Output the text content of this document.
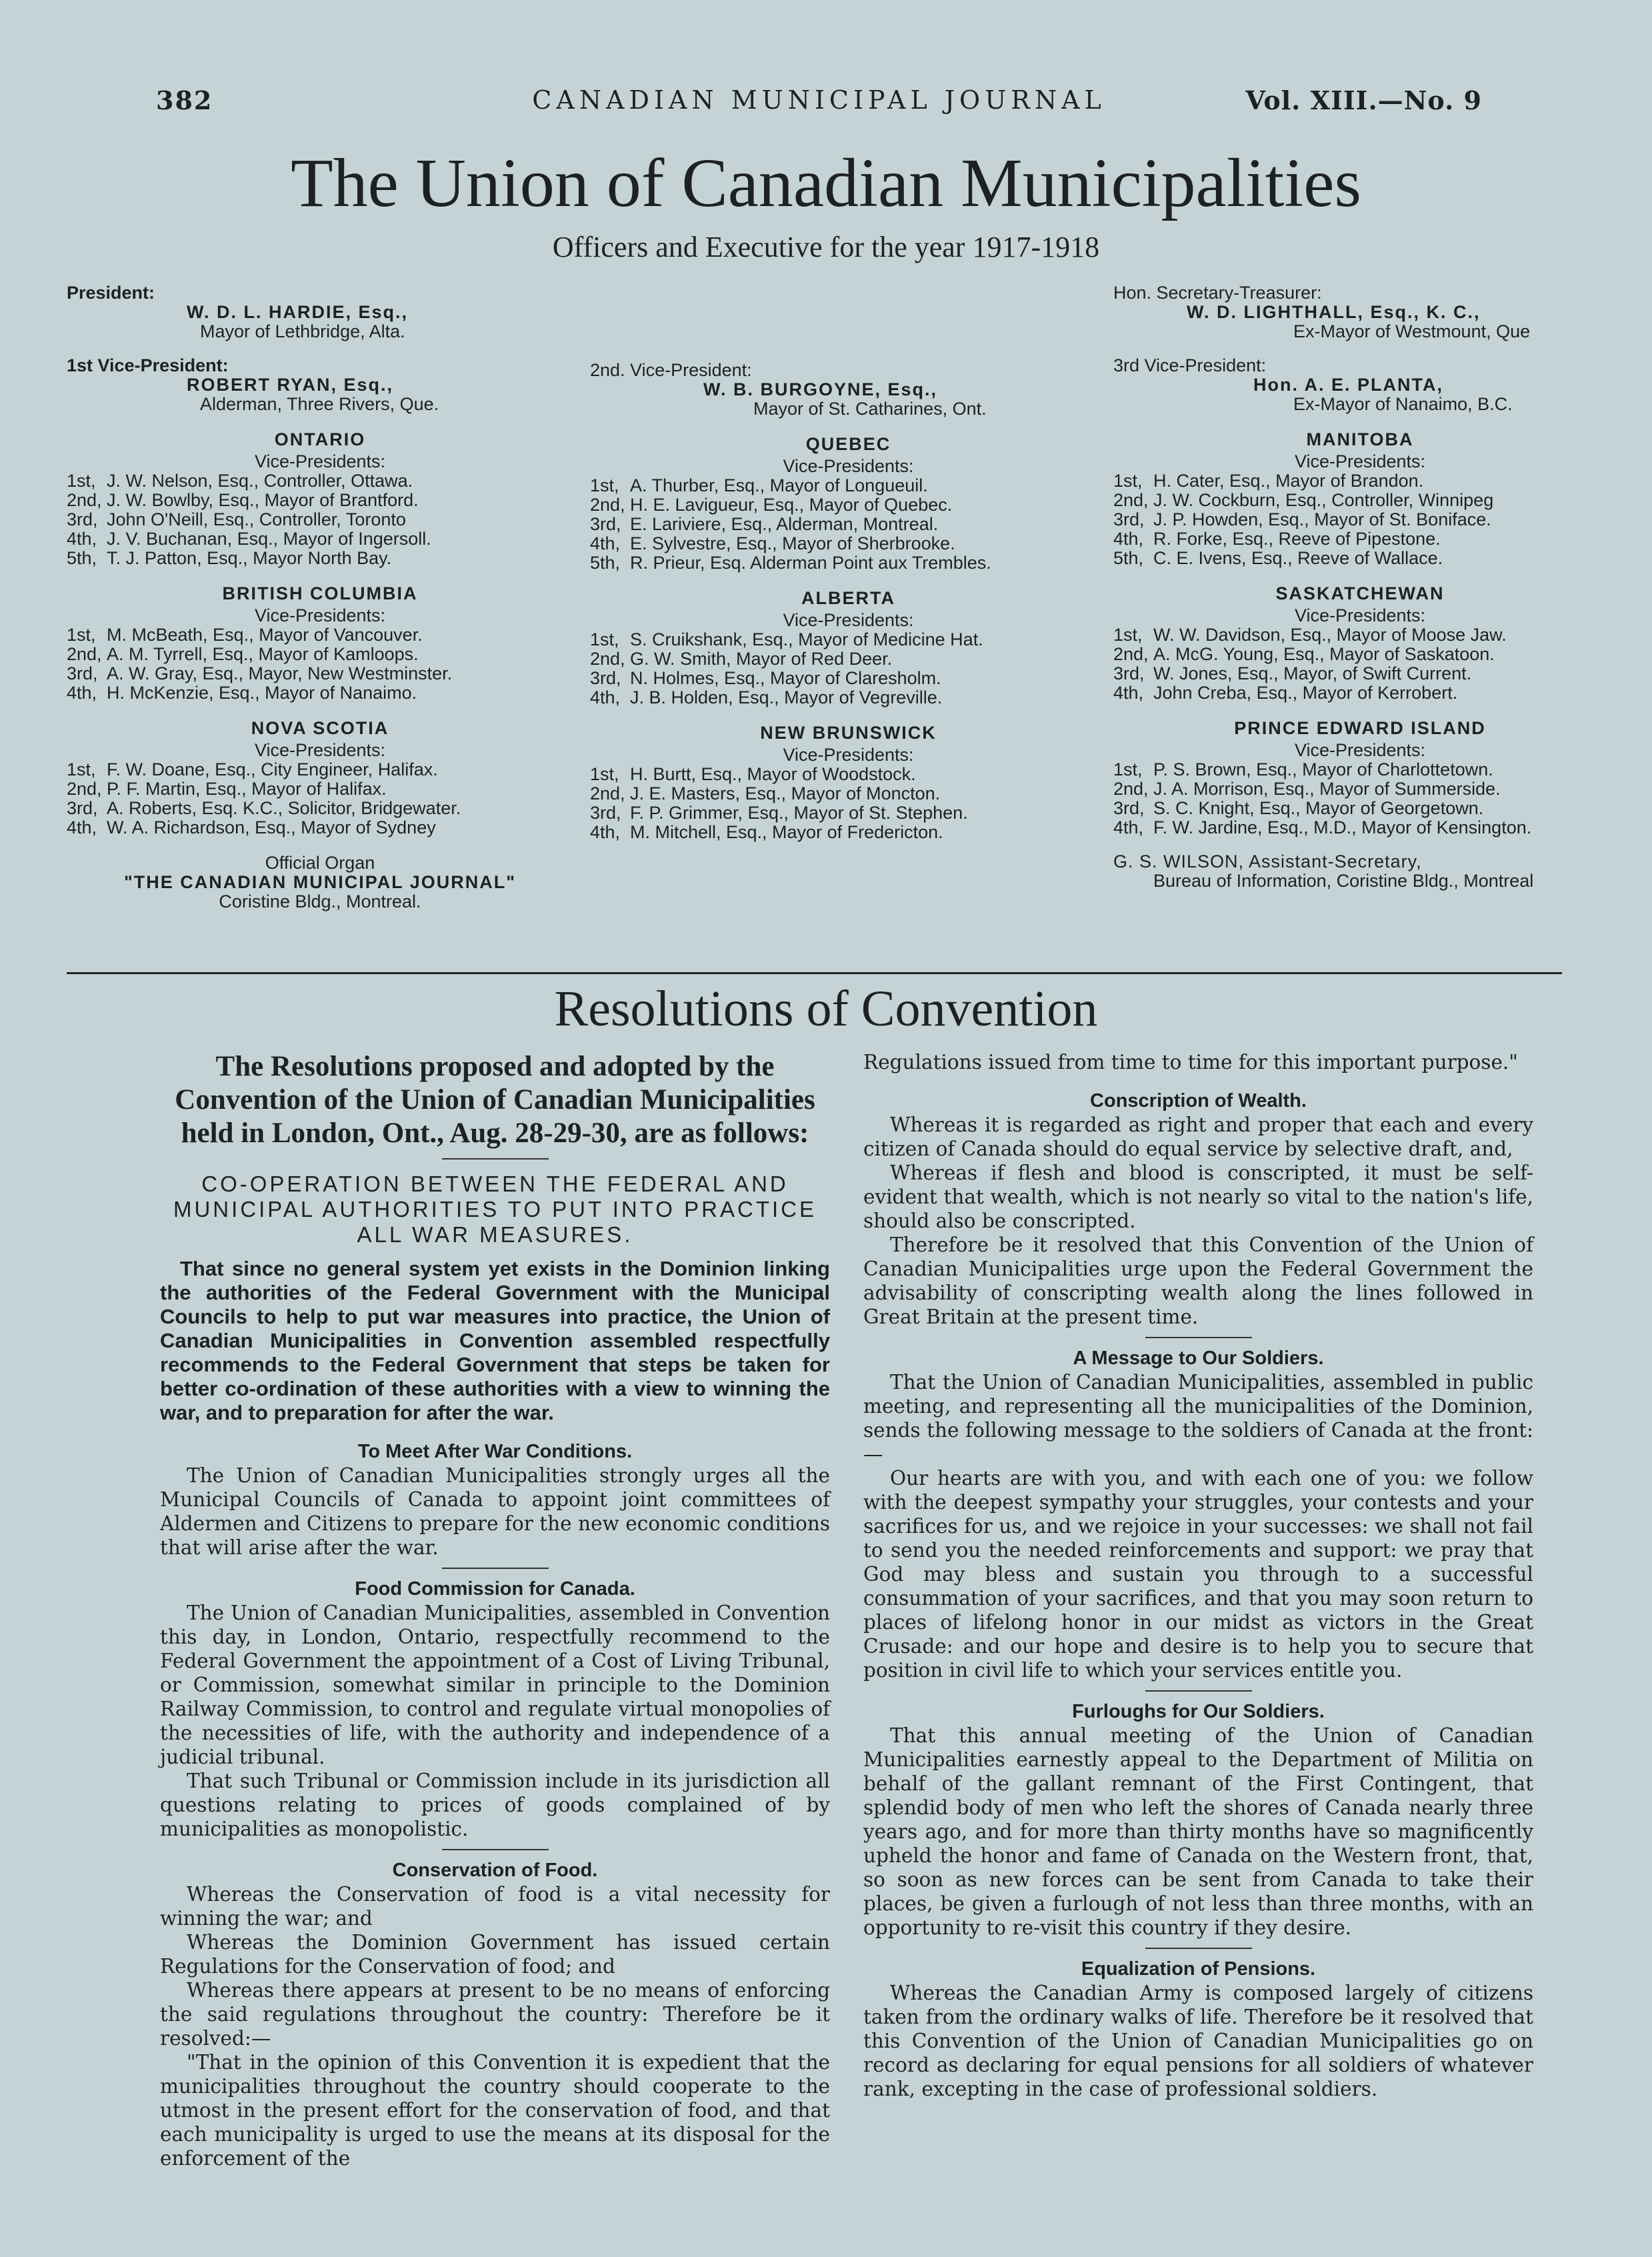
382	CANADIAN MUNICIPAL JOURNAL	Vol. XIII.—No. 9
The Union of Canadian Municipalities
Officers and Executive for the year 1917-1918
President:
W. D. L. HARDIE, Esq.,
Mayor of Lethbridge, Alta.
1st Vice-President:
ROBERT RYAN, Esq.,
Alderman, Three Rivers, Que.
ONTARIO
Vice-Presidents:
1st, J. W. Nelson, Esq., Controller, Ottawa.
2nd, J. W. Bowlby, Esq., Mayor of Brantford.
3rd, John O'Neill, Esq., Controller, Toronto
4th, J. V. Buchanan, Esq., Mayor of Ingersoll.
5th, T. J. Patton, Esq., Mayor North Bay.
BRITISH COLUMBIA
Vice-Presidents:
1st, M. McBeath, Esq., Mayor of Vancouver.
2nd, A. M. Tyrrell, Esq., Mayor of Kamloops.
3rd, A. W. Gray, Esq., Mayor, New Westminster.
4th, H. McKenzie, Esq., Mayor of Nanaimo.
NOVA SCOTIA
Vice-Presidents:
1st, F. W. Doane, Esq., City Engineer, Halifax.
2nd, P. F. Martin, Esq., Mayor of Halifax.
3rd, A. Roberts, Esq. K.C., Solicitor, Bridgewater.
4th, W. A. Richardson, Esq., Mayor of Sydney
Official Organ
"THE CANADIAN MUNICIPAL JOURNAL"
Coristine Bldg., Montreal.
2nd. Vice-President:
W. B. BURGOYNE, Esq.,
Mayor of St. Catharines, Ont.
QUEBEC
Vice-Presidents:
1st, A. Thurber, Esq., Mayor of Longueuil.
2nd, H. E. Lavigueur, Esq., Mayor of Quebec.
3rd, E. Lariviere, Esq., Alderman, Montreal.
4th, E. Sylvestre, Esq., Mayor of Sherbrooke.
5th, R. Prieur, Esq. Alderman Point aux Trembles.
ALBERTA
Vice-Presidents:
1st, S. Cruikshank, Esq., Mayor of Medicine Hat.
2nd, G. W. Smith, Mayor of Red Deer.
3rd, N. Holmes, Esq., Mayor of Claresholm.
4th, J. B. Holden, Esq., Mayor of Vegreville.
NEW BRUNSWICK
Vice-Presidents:
1st, H. Burtt, Esq., Mayor of Woodstock.
2nd, J. E. Masters, Esq., Mayor of Moncton.
3rd, F. P. Grimmer, Esq., Mayor of St. Stephen.
4th, M. Mitchell, Esq., Mayor of Fredericton.
Hon. Secretary-Treasurer:
W. D. LIGHTHALL, Esq., K. C.,
Ex-Mayor of Westmount, Que
3rd Vice-President:
Hon. A. E. PLANTA,
Ex-Mayor of Nanaimo, B.C.
MANITOBA
Vice-Presidents:
1st, H. Cater, Esq., Mayor of Brandon.
2nd, J. W. Cockburn, Esq., Controller, Winnipeg
3rd, J. P. Howden, Esq., Mayor of St. Boniface.
4th, R. Forke, Esq., Reeve of Pipestone.
5th, C. E. Ivens, Esq., Reeve of Wallace.
SASKATCHEWAN
Vice-Presidents:
1st, W. W. Davidson, Esq., Mayor of Moose Jaw.
2nd, A. McG. Young, Esq., Mayor of Saskatoon.
3rd, W. Jones, Esq., Mayor, of Swift Current.
4th, John Creba, Esq., Mayor of Kerrobert.
PRINCE EDWARD ISLAND
Vice-Presidents:
1st, P. S. Brown, Esq., Mayor of Charlottetown.
2nd, J. A. Morrison, Esq., Mayor of Summerside.
3rd, S. C. Knight, Esq., Mayor of Georgetown.
4th, F. W. Jardine, Esq., M.D., Mayor of Kensington.
G. S. WILSON, Assistant-Secretary,
Bureau of Information, Coristine Bldg., Montreal
Resolutions of Convention
The Resolutions proposed and adopted by the Convention of the Union of Canadian Municipalities held in London, Ont., Aug. 28-29-30, are as follows:
CO-OPERATION BETWEEN THE FEDERAL AND MUNICIPAL AUTHORITIES TO PUT INTO PRACTICE ALL WAR MEASURES.
That since no general system yet exists in the Dominion linking the authorities of the Federal Government with the Municipal Councils to help to put war measures into practice, the Union of Canadian Municipalities in Convention assembled respectfully recommends to the Federal Government that steps be taken for better co-ordination of these authorities with a view to winning the war, and to preparation for after the war.
To Meet After War Conditions.

The Union of Canadian Municipalities strongly urges all the Municipal Councils of Canada to appoint joint committees of Aldermen and Citizens to prepare for the new economic conditions that will arise after the war.

Food Commission for Canada.

The Union of Canadian Municipalities, assembled in Convention this day, in London, Ontario, respectfully recommend to the Federal Government the appointment of a Cost of Living Tribunal, or Commission, somewhat similar in principle to the Dominion Railway Commission, to control and regulate virtual monopolies of the necessities of life, with the authority and independence of a judicial tribunal.

That such Tribunal or Commission include in its jurisdiction all questions relating to prices of goods complained of by municipalities as monopolistic.

Conservation of Food.

Whereas the Conservation of food is a vital necessity for winning the war; and

Whereas the Dominion Government has issued certain Regulations for the Conservation of food; and

Whereas there appears at present to be no means of enforcing the said regulations throughout the country: Therefore be it resolved:—

"That in the opinion of this Convention it is expedient that the municipalities throughout the country should cooperate to the utmost in the present effort for the conservation of food, and that each municipality is urged to use the means at its disposal for the enforcement of the

Regulations issued from time to time for this important purpose."

Conscription of Wealth.

Whereas it is regarded as right and proper that each and every citizen of Canada should do equal service by selective draft, and,

Whereas if flesh and blood is conscripted, it must be self-evident that wealth, which is not nearly so vital to the nation's life, should also be conscripted.

Therefore be it resolved that this Convention of the Union of Canadian Municipalities urge upon the Federal Government the advisability of conscripting wealth along the lines followed in Great Britain at the present time.

A Message to Our Soldiers.

That the Union of Canadian Municipalities, assembled in public meeting, and representing all the municipalities of the Dominion, sends the following message to the soldiers of Canada at the front:—

Our hearts are with you, and with each one of you: we follow with the deepest sympathy your struggles, your contests and your sacrifices for us, and we rejoice in your successes: we shall not fail to send you the needed reinforcements and support: we pray that God may bless and sustain you through to a successful consummation of your sacrifices, and that you may soon return to places of lifelong honor in our midst as victors in the Great Crusade: and our hope and desire is to help you to secure that position in civil life to which your services entitle you.

Furloughs for Our Soldiers.

That this annual meeting of the Union of Canadian Municipalities earnestly appeal to the Department of Militia on behalf of the gallant remnant of the First Contingent, that splendid body of men who left the shores of Canada nearly three years ago, and for more than thirty months have so magnificently upheld the honor and fame of Canada on the Western front, that, so soon as new forces can be sent from Canada to take their places, be given a furlough of not less than three months, with an opportunity to re-visit this country if they desire.

Equalization of Pensions.

Whereas the Canadian Army is composed largely of citizens taken from the ordinary walks of life. Therefore be it resolved that this Convention of the Union of Canadian Municipalities go on record as declaring for equal pensions for all soldiers of whatever rank, excepting in the case of professional soldiers.
